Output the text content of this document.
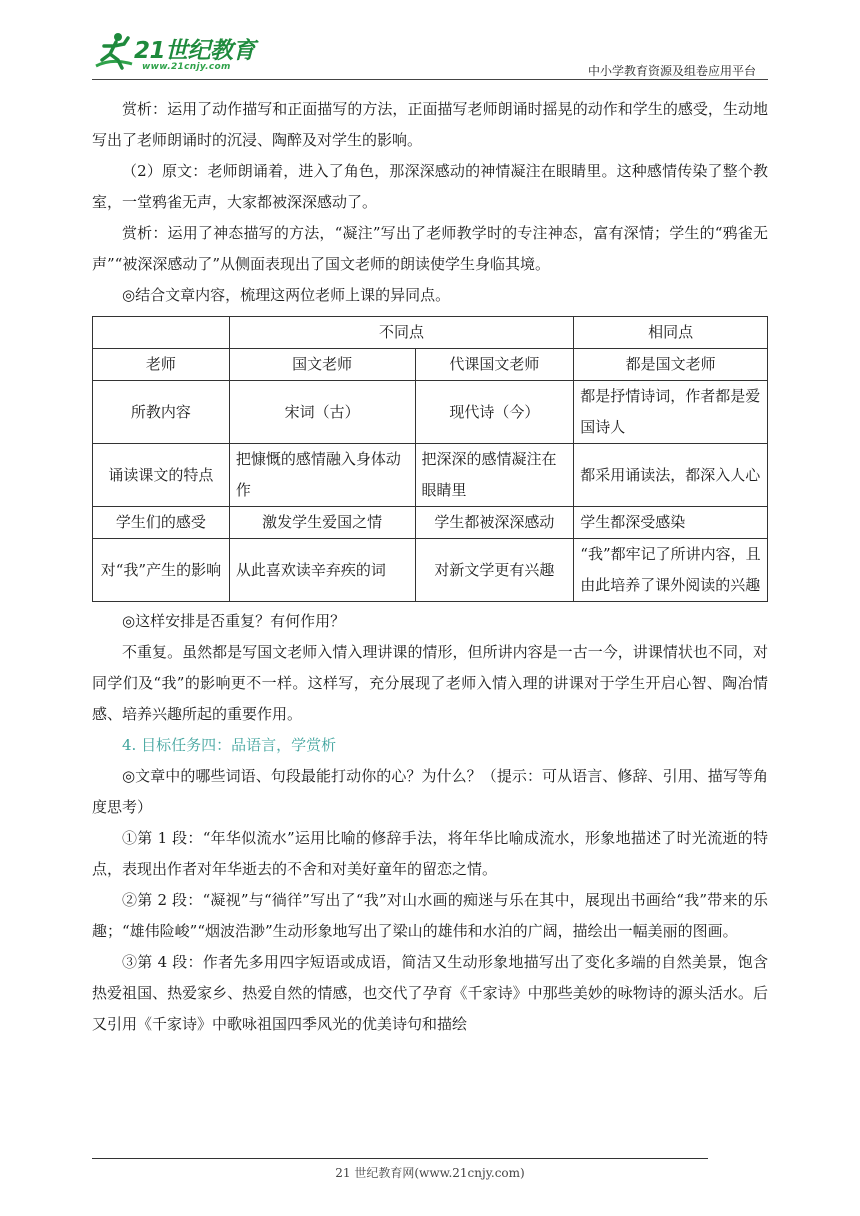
21世纪教育
www.21cnjy.com	中小学教育资源及组卷应用平台

赏析：运用了动作描写和正面描写的方法，正面描写老师朗诵时摇晃的动作和学生的感受，生动地写出了老师朗诵时的沉浸、陶醉及对学生的影响。

（2）原文：老师朗诵着，进入了角色，那深深感动的神情凝注在眼睛里。这种感情传染了整个教室，一堂鸦雀无声，大家都被深深感动了。

赏析：运用了神态描写的方法，“凝注”写出了老师教学时的专注神态，富有深情；学生的“鸦雀无声”“被深深感动了”从侧面表现出了国文老师的朗读使学生身临其境。

◎结合文章内容，梳理这两位老师上课的异同点。

	不同点		相同点
老师	国文老师	代课国文老师	都是国文老师
所教内容	宋词（古）	现代诗（今）	都是抒情诗词，作者都是爱国诗人
诵读课文的特点	把慷慨的感情融入身体动作	把深深的感情凝注在眼睛里	都采用诵读法，都深入人心
学生们的感受	激发学生爱国之情	学生都被深深感动	学生都深受感染
对“我”产生的影响	从此喜欢读辛弃疾的词	对新文学更有兴趣	“我”都牢记了所讲内容，且由此培养了课外阅读的兴趣

◎这样安排是否重复？有何作用？

不重复。虽然都是写国文老师入情入理讲课的情形，但所讲内容是一古一今，讲课情状也不同，对同学们及“我”的影响更不一样。这样写，充分展现了老师入情入理的讲课对于学生开启心智、陶冶情感、培养兴趣所起的重要作用。

4. 目标任务四：品语言，学赏析

◎文章中的哪些词语、句段最能打动你的心？为什么？（提示：可从语言、修辞、引用、描写等角度思考）

①第 1 段：“年华似流水”运用比喻的修辞手法，将年华比喻成流水，形象地描述了时光流逝的特点，表现出作者对年华逝去的不舍和对美好童年的留恋之情。

②第 2 段：“凝视”与“徜徉”写出了“我”对山水画的痴迷与乐在其中，展现出书画给“我”带来的乐趣；“雄伟险峻”“烟波浩渺”生动形象地写出了梁山的雄伟和水泊的广阔，描绘出一幅美丽的图画。

③第 4 段：作者先多用四字短语或成语，简洁又生动形象地描写出了变化多端的自然美景，饱含热爱祖国、热爱家乡、热爱自然的情感，也交代了孕育《千家诗》中那些美妙的咏物诗的源头活水。后又引用《千家诗》中歌咏祖国四季风光的优美诗句和描绘

21 世纪教育网(www.21cnjy.com)
